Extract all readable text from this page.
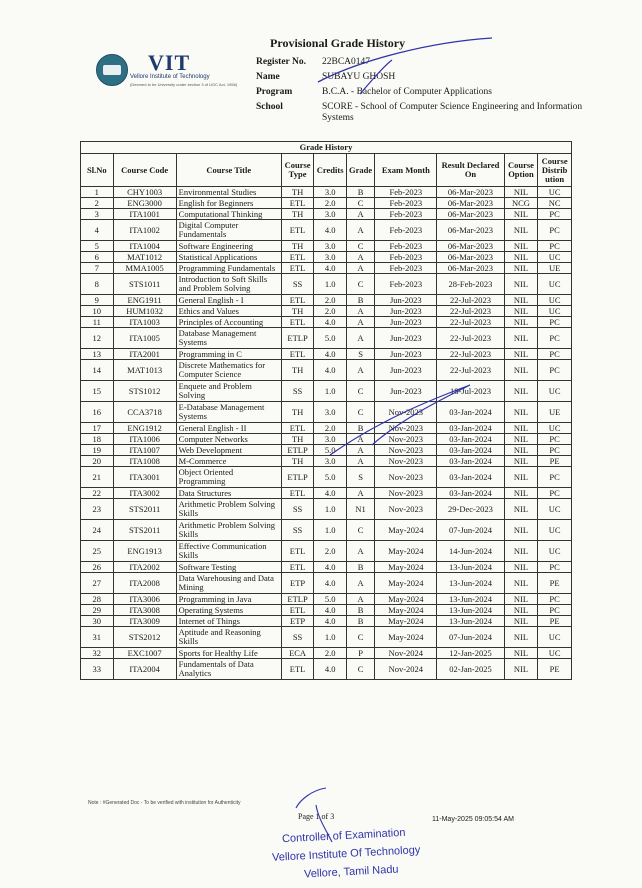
VIT
Vellore Institute of Technology
(Deemed to be University under section 3 of UGC Act, 1956)
Provisional Grade History
Register No.	22BCA0147
Name	SUBAYU GHOSH
Program	B.C.A. - Bachelor of Computer Applications
School	SCORE - School of Computer Science Engineering and Information Systems
Grade History									
Sl.No	Course Code	Course Title	Course Type	Credits	Grade	Exam Month	Result Declared On	Course Option	Course Distrib ution
1	CHY1003	Environmental Studies	TH	3.0	B	Feb-2023	06-Mar-2023	NIL	UC
2	ENG3000	English for Beginners	ETL	2.0	C	Feb-2023	06-Mar-2023	NCG	NC
3	ITA1001	Computational Thinking	TH	3.0	A	Feb-2023	06-Mar-2023	NIL	PC
4	ITA1002	Digital Computer Fundamentals	ETL	4.0	A	Feb-2023	06-Mar-2023	NIL	PC
5	ITA1004	Software Engineering	TH	3.0	C	Feb-2023	06-Mar-2023	NIL	PC
6	MAT1012	Statistical Applications	ETL	3.0	A	Feb-2023	06-Mar-2023	NIL	UC
7	MMA1005	Programming Fundamentals	ETL	4.0	A	Feb-2023	06-Mar-2023	NIL	UE
8	STS1011	Introduction to Soft Skills and Problem Solving	SS	1.0	C	Feb-2023	28-Feb-2023	NIL	UC
9	ENG1911	General English - I	ETL	2.0	B	Jun-2023	22-Jul-2023	NIL	UC
10	HUM1032	Ethics and Values	TH	2.0	A	Jun-2023	22-Jul-2023	NIL	UC
11	ITA1003	Principles of Accounting	ETL	4.0	A	Jun-2023	22-Jul-2023	NIL	PC
12	ITA1005	Database Management Systems	ETLP	5.0	A	Jun-2023	22-Jul-2023	NIL	PC
13	ITA2001	Programming in C	ETL	4.0	S	Jun-2023	22-Jul-2023	NIL	PC
14	MAT1013	Discrete Mathematics for Computer Science	TH	4.0	A	Jun-2023	22-Jul-2023	NIL	PC
15	STS1012	Enquete and Problem Solving	SS	1.0	C	Jun-2023	18-Jul-2023	NIL	UC
16	CCA3718	E-Database Management Systems	TH	3.0	C	Nov-2023	03-Jan-2024	NIL	UE
17	ENG1912	General English - II	ETL	2.0	B	Nov-2023	03-Jan-2024	NIL	UC
18	ITA1006	Computer Networks	TH	3.0	A	Nov-2023	03-Jan-2024	NIL	PC
19	ITA1007	Web Development	ETLP	5.0	A	Nov-2023	03-Jan-2024	NIL	PC
20	ITA1008	M-Commerce	TH	3.0	A	Nov-2023	03-Jan-2024	NIL	PE
21	ITA3001	Object Oriented Programming	ETLP	5.0	S	Nov-2023	03-Jan-2024	NIL	PC
22	ITA3002	Data Structures	ETL	4.0	A	Nov-2023	03-Jan-2024	NIL	PC
23	STS2011	Arithmetic Problem Solving Skills	SS	1.0	N1	Nov-2023	29-Dec-2023	NIL	UC
24	STS2011	Arithmetic Problem Solving Skills	SS	1.0	C	May-2024	07-Jun-2024	NIL	UC
25	ENG1913	Effective Communication Skills	ETL	2.0	A	May-2024	14-Jun-2024	NIL	UC
26	ITA2002	Software Testing	ETL	4.0	B	May-2024	13-Jun-2024	NIL	PC
27	ITA2008	Data Warehousing and Data Mining	ETP	4.0	A	May-2024	13-Jun-2024	NIL	PE
28	ITA3006	Programming in Java	ETLP	5.0	A	May-2024	13-Jun-2024	NIL	PC
29	ITA3008	Operating Systems	ETL	4.0	B	May-2024	13-Jun-2024	NIL	PC
30	ITA3009	Internet of Things	ETP	4.0	B	May-2024	13-Jun-2024	NIL	PE
31	STS2012	Aptitude and Reasoning Skills	SS	1.0	C	May-2024	07-Jun-2024	NIL	UC
32	EXC1007	Sports for Healthy Life	ECA	2.0	P	Nov-2024	12-Jan-2025	NIL	UC
33	ITA2004	Fundamentals of Data Analytics	ETL	4.0	C	Nov-2024	02-Jan-2025	NIL	PE
Note : #Generated Doc - To be verified with institution for Authenticity
Page 1 of 3	11-May-2025 09:05:54 AM
Controller of Examination
Vellore Institute Of Technology
Vellore, Tamil Nadu
